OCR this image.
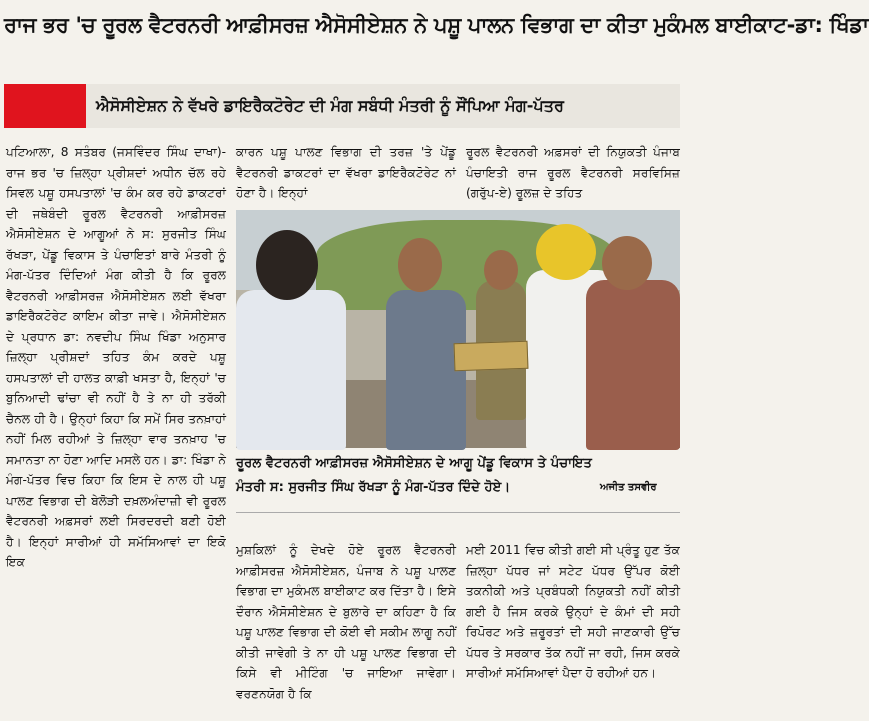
ਰਾਜ ਭਰ 'ਚ ਰੂਰਲ ਵੈਟਰਨਰੀ ਆਫ਼ੀਸਰਜ਼ ਐਸੋਸੀਏਸ਼ਨ ਨੇ ਪਸ਼ੂ ਪਾਲਨ ਵਿਭਾਗ ਦਾ ਕੀਤਾ ਮੁਕੰਮਲ ਬਾਈਕਾਟ-ਡਾ: ਖਿੰਡਾ
ਐਸੋਸੀਏਸ਼ਨ ਨੇ ਵੱਖਰੇ ਡਾਇਰੈਕਟੋਰੇਟ ਦੀ ਮੰਗ ਸਬੰਧੀ ਮੰਤਰੀ ਨੂੰ ਸੌਂਪਿਆ ਮੰਗ-ਪੱਤਰ

ਪਟਿਆਲਾ, 8 ਸਤੰਬਰ (ਜਸਵਿੰਦਰ ਸਿੰਘ ਦਾਖਾ)-ਰਾਜ ਭਰ 'ਚ ਜ਼ਿਲ੍ਹਾ ਪ੍ਰੀਸ਼ਦਾਂ ਅਧੀਨ ਚੱਲ ਰਹੇ ਸਿਵਲ ਪਸ਼ੂ ਹਸਪਤਾਲਾਂ 'ਚ ਕੰਮ ਕਰ ਰਹੇ ਡਾਕਟਰਾਂ ਦੀ ਜਥੇਬੰਦੀ ਰੂਰਲ ਵੈਟਰਨਰੀ ਆਫ਼ੀਸਰਜ਼ ਐਸੋਸੀਏਸ਼ਨ ਦੇ ਆਗੂਆਂ ਨੇ ਸ: ਸੁਰਜੀਤ ਸਿੰਘ ਰੱਖੜਾ, ਪੇਂਡੂ ਵਿਕਾਸ ਤੇ ਪੰਚਾਇਤਾਂ ਬਾਰੇ ਮੰਤਰੀ ਨੂੰ ਮੰਗ-ਪੱਤਰ ਦਿੰਦਿਆਂ ਮੰਗ ਕੀਤੀ ਹੈ ਕਿ ਰੂਰਲ ਵੈਟਰਨਰੀ ਆਫ਼ੀਸਰਜ਼ ਐਸੋਸੀਏਸ਼ਨ ਲਈ ਵੱਖਰਾ ਡਾਇਰੈਕਟੋਰੇਟ ਕਾਇਮ ਕੀਤਾ ਜਾਵੇ। ਐਸੋਸੀਏਸ਼ਨ ਦੇ ਪ੍ਰਧਾਨ ਡਾ: ਨਵਦੀਪ ਸਿੰਘ ਖਿੰਡਾ ਅਨੁਸਾਰ ਜ਼ਿਲ੍ਹਾ ਪ੍ਰੀਸ਼ਦਾਂ ਤਹਿਤ ਕੰਮ ਕਰਦੇ ਪਸ਼ੂ ਹਸਪਤਾਲਾਂ ਦੀ ਹਾਲਤ ਕਾਫ਼ੀ ਖਸਤਾ ਹੈ, ਇਨ੍ਹਾਂ 'ਚ ਬੁਨਿਆਦੀ ਢਾਂਚਾ ਵੀ ਨਹੀਂ ਹੈ ਤੇ ਨਾ ਹੀ ਤਰੱਕੀ ਚੈਨਲ ਹੀ ਹੈ। ਉਨ੍ਹਾਂ ਕਿਹਾ ਕਿ ਸਮੇਂ ਸਿਰ ਤਨਖ਼ਾਹਾਂ ਨਹੀਂ ਮਿਲ ਰਹੀਆਂ ਤੇ ਜ਼ਿਲ੍ਹਾ ਵਾਰ ਤਨਖ਼ਾਹ 'ਚ ਸਮਾਨਤਾ ਨਾ ਹੋਣਾ ਆਦਿ ਮਸਲੇ ਹਨ। ਡਾ: ਖਿੰਡਾ ਨੇ ਮੰਗ-ਪੱਤਰ ਵਿਚ ਕਿਹਾ ਕਿ ਇਸ ਦੇ ਨਾਲ ਹੀ ਪਸ਼ੂ ਪਾਲਣ ਵਿਭਾਗ ਦੀ ਬੇਲੋੜੀ ਦਖ਼ਲਅੰਦਾਜ਼ੀ ਵੀ ਰੂਰਲ ਵੈਟਰਨਰੀ ਅਫ਼ਸਰਾਂ ਲਈ ਸਿਰਦਰਦੀ ਬਣੀ ਹੋਈ ਹੈ। ਇਨ੍ਹਾਂ ਸਾਰੀਆਂ ਹੀ ਸਮੱਸਿਆਵਾਂ ਦਾ ਇਕੋ ਇਕ

ਕਾਰਨ ਪਸ਼ੂ ਪਾਲਣ ਵਿਭਾਗ ਦੀ ਤਰਜ਼ 'ਤੇ ਪੇਂਡੂ ਵੈਟਰਨਰੀ ਡਾਕਟਰਾਂ ਦਾ ਵੱਖਰਾ ਡਾਇਰੈਕਟੋਰੇਟ ਨਾਂ ਹੋਣਾ ਹੈ। ਇਨ੍ਹਾਂ

ਰੂਰਲ ਵੈਟਰਨਰੀ ਅਫ਼ਸਰਾਂ ਦੀ ਨਿਯੁਕਤੀ ਪੰਜਾਬ ਪੰਚਾਇਤੀ ਰਾਜ ਰੂਰਲ ਵੈਟਰਨਰੀ ਸਰਵਿਸਿਜ਼ (ਗਰੁੱਪ-ਏ) ਰੂਲਜ਼ ਦੇ ਤਹਿਤ

ਰੂਰਲ ਵੈਟਰਨਰੀ ਆਫ਼ੀਸਰਜ਼ ਐਸੋਸੀਏਸ਼ਨ ਦੇ ਆਗੂ ਪੇਂਡੂ ਵਿਕਾਸ ਤੇ ਪੰਚਾਇਤ
ਮੰਤਰੀ ਸ: ਸੁਰਜੀਤ ਸਿੰਘ ਰੱਖੜਾ ਨੂੰ ਮੰਗ-ਪੱਤਰ ਦਿੰਦੇ ਹੋਏ।	ਅਜੀਤ ਤਸਵੀਰ

ਮੁਸ਼ਕਿਲਾਂ ਨੂੰ ਦੇਖਦੇ ਹੋਏ ਰੂਰਲ ਵੈਟਰਨਰੀ ਆਫ਼ੀਸਰਜ਼ ਐਸੋਸੀਏਸ਼ਨ, ਪੰਜਾਬ ਨੇ ਪਸ਼ੂ ਪਾਲਣ ਵਿਭਾਗ ਦਾ ਮੁਕੰਮਲ ਬਾਈਕਾਟ ਕਰ ਦਿੱਤਾ ਹੈ। ਇਸੇ ਦੌਰਾਨ ਐਸੋਸੀਏਸ਼ਨ ਦੇ ਬੁਲਾਰੇ ਦਾ ਕਹਿਣਾ ਹੈ ਕਿ ਪਸ਼ੂ ਪਾਲਣ ਵਿਭਾਗ ਦੀ ਕੋਈ ਵੀ ਸਕੀਮ ਲਾਗੂ ਨਹੀਂ ਕੀਤੀ ਜਾਵੇਗੀ ਤੇ ਨਾ ਹੀ ਪਸ਼ੂ ਪਾਲਣ ਵਿਭਾਗ ਦੀ ਕਿਸੇ ਵੀ ਮੀਟਿੰਗ 'ਚ ਜਾਇਆ ਜਾਵੇਗਾ। ਵਰਣਨਯੋਗ ਹੈ ਕਿ

ਮਈ 2011 ਵਿਚ ਕੀਤੀ ਗਈ ਸੀ ਪ੍ਰੰਤੂ ਹੁਣ ਤੱਕ ਜ਼ਿਲ੍ਹਾ ਪੱਧਰ ਜਾਂ ਸਟੇਟ ਪੱਧਰ ਉੱਪਰ ਕੋਈ ਤਕਨੀਕੀ ਅਤੇ ਪ੍ਰਬੰਧਕੀ ਨਿਯੁਕਤੀ ਨਹੀਂ ਕੀਤੀ ਗਈ ਹੈ ਜਿਸ ਕਰਕੇ ਉਨ੍ਹਾਂ ਦੇ ਕੰਮਾਂ ਦੀ ਸਹੀ ਰਿਪੋਰਟ ਅਤੇ ਜ਼ਰੂਰਤਾਂ ਦੀ ਸਹੀ ਜਾਣਕਾਰੀ ਉੱਚ ਪੱਧਰ ਤੇ ਸਰਕਾਰ ਤੱਕ ਨਹੀਂ ਜਾ ਰਹੀ, ਜਿਸ ਕਰਕੇ ਸਾਰੀਆਂ ਸਮੱਸਿਆਵਾਂ ਪੈਦਾ ਹੋ ਰਹੀਆਂ ਹਨ।
